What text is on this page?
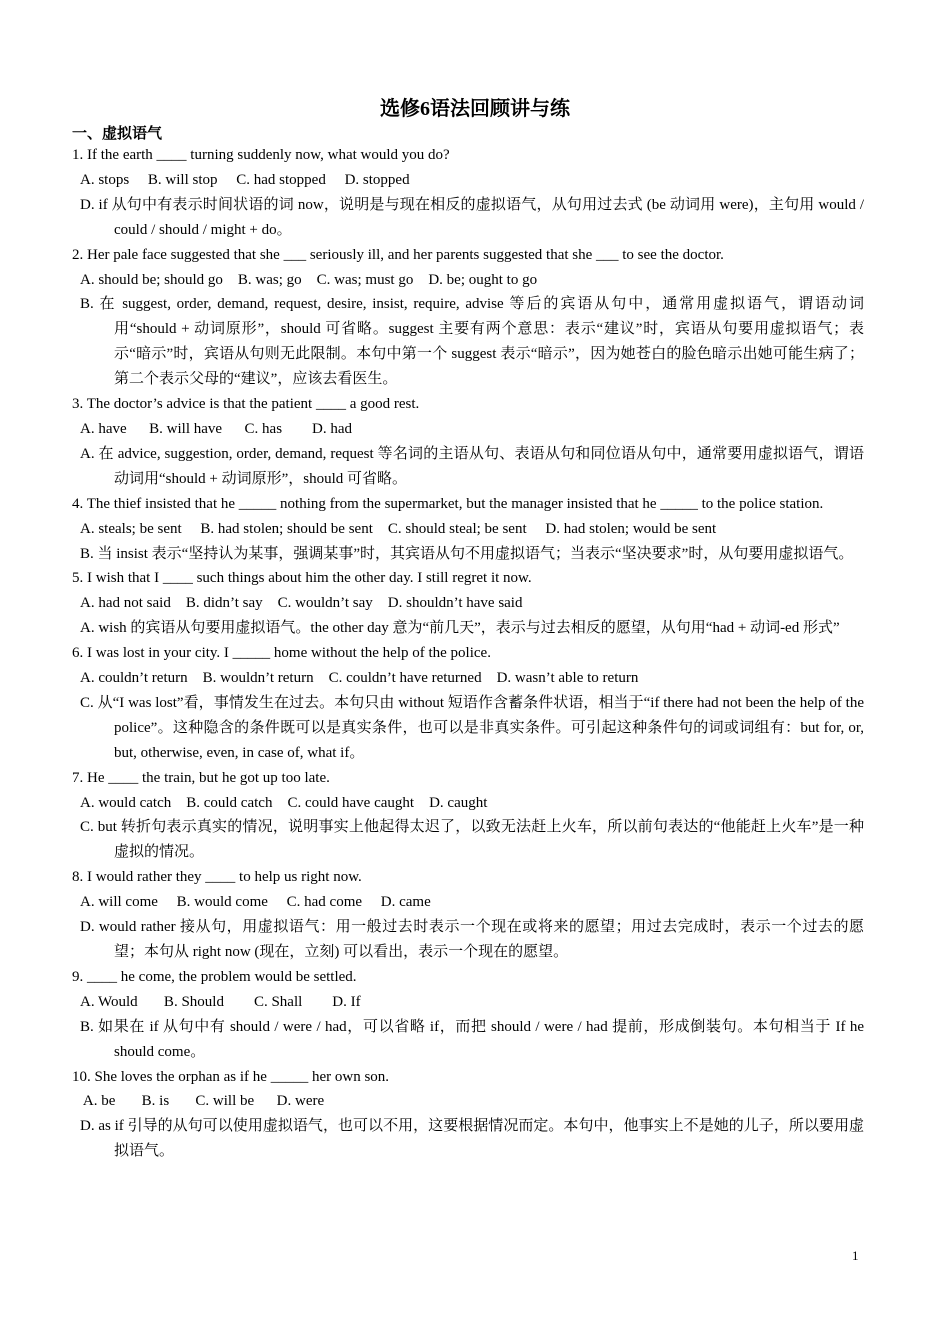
选修6语法回顾讲与练
一、虚拟语气
1. If the earth ____ turning suddenly now, what would you do?
A. stops     B. will stop     C. had stopped     D. stopped
D. if 从句中有表示时间状语的词 now，说明是与现在相反的虚拟语气，从句用过去式 (be 动词用 were)，主句用 would / could / should / might + do。
2. Her pale face suggested that she ___ seriously ill, and her parents suggested that she ___ to see the doctor.
A. should be; should go    B. was; go    C. was; must go    D. be; ought to go
B. 在 suggest, order, demand, request, desire, insist, require, advise 等后的宾语从句中，通常用虚拟语气，谓语动词用“should + 动词原形”，should 可省略。suggest 主要有两个意思：表示“建议”时，宾语从句要用虚拟语气；表示“暗示”时，宾语从句则无此限制。本句中第一个 suggest 表示“暗示”，因为她苍白的脸色暗示出她可能生病了；第二个表示父母的“建议”，应该去看医生。
3. The doctor’s advice is that the patient ____ a good rest.
A. have      B. will have      C. has        D. had
A. 在 advice, suggestion, order, demand, request 等名词的主语从句、表语从句和同位语从句中，通常要用虚拟语气，谓语动词用“should + 动词原形”，should 可省略。
4. The thief insisted that he _____ nothing from the supermarket, but the manager insisted that he _____ to the police station.
A. steals; be sent     B. had stolen; should be sent    C. should steal; be sent     D. had stolen; would be sent
B. 当 insist 表示“坚持认为某事，强调某事”时，其宾语从句不用虚拟语气；当表示“坚决要求”时，从句要用虚拟语气。
5. I wish that I ____ such things about him the other day. I still regret it now.
A. had not said    B. didn’t say    C. wouldn’t say    D. shouldn’t have said
A. wish 的宾语从句要用虚拟语气。the other day 意为“前几天”，表示与过去相反的愿望，从句用“had + 动词-ed 形式”
6. I was lost in your city. I _____ home without the help of the police.
A. couldn’t return    B. wouldn’t return    C. couldn’t have returned    D. wasn’t able to return
C. 从“I was lost”看，事情发生在过去。本句只由 without 短语作含蓄条件状语，相当于“if there had not been the help of the police”。这种隐含的条件既可以是真实条件，也可以是非真实条件。可引起这种条件句的词或词组有：but for, or, but, otherwise, even, in case of, what if。
7. He ____ the train, but he got up too late.
A. would catch    B. could catch    C. could have caught    D. caught
C. but 转折句表示真实的情况，说明事实上他起得太迟了，以致无法赶上火车，所以前句表达的“他能赶上火车”是一种虚拟的情况。
8. I would rather they ____ to help us right now.
A. will come     B. would come     C. had come     D. came
D. would rather 接从句，用虚拟语气：用一般过去时表示一个现在或将来的愿望；用过去完成时，表示一个过去的愿望；本句从 right now (现在，立刻) 可以看出，表示一个现在的愿望。
9. ____ he come, the problem would be settled.
A. Would       B. Should        C. Shall        D. If
B. 如果在 if 从句中有 should / were / had，可以省略 if，而把 should / were / had 提前，形成倒装句。本句相当于 If he should come。
10. She loves the orphan as if he _____ her own son.
A. be       B. is       C. will be      D. were
D. as if 引导的从句可以使用虚拟语气，也可以不用，这要根据情况而定。本句中，他事实上不是她的儿子，所以要用虚拟语气。
1
